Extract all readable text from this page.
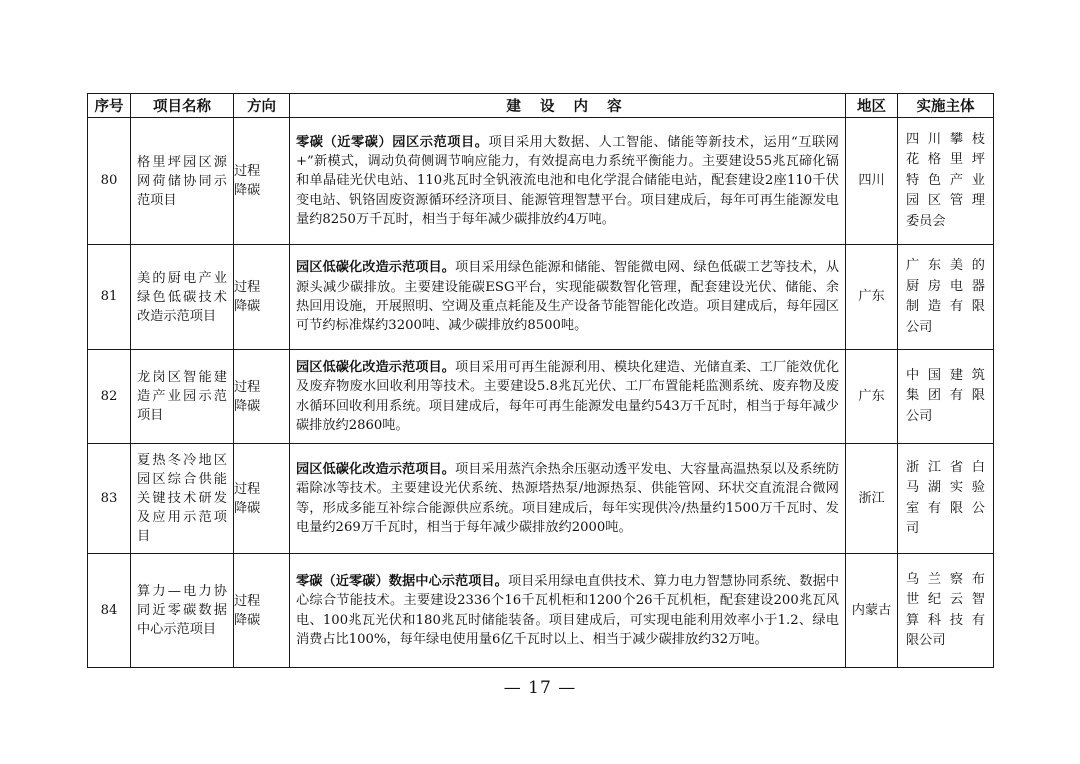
序号	项目名称	方向	建 设 内 容	地区	实施主体
80	格里坪园区源
网荷储协同示
范项目	过程
降碳	零碳（近零碳）园区示范项目。项目采用大数据、人工智能、储能等新技术，运用“互联网+”新模式，调动负荷侧调节响应能力，有效提高电力系统平衡能力。主要建设55兆瓦碲化镉和单晶硅光伏电站、110兆瓦时全钒液流电池和电化学混合储能电站，配套建设2座110千伏变电站、钒铬固废资源循环经济项目、能源管理智慧平台。项目建成后，每年可再生能源发电量约8250万千瓦时，相当于每年减少碳排放约4万吨。	四川	四川攀枝
花格里坪
特色产业
园区管理
委员会

81	美的厨电产业
绿色低碳技术
改造示范项目	过程
降碳	园区低碳化改造示范项目。项目采用绿色能源和储能、智能微电网、绿色低碳工艺等技术，从源头减少碳排放。主要建设能碳ESG平台，实现能碳数智化管理，配套建设光伏、储能、余热回用设施，开展照明、空调及重点耗能及生产设备节能智能化改造。项目建成后，每年园区可节约标准煤约3200吨、减少碳排放约8500吨。	广东	广东美的
厨房电器
制造有限
公司

82	龙岗区智能建
造产业园示范
项目	过程
降碳	园区低碳化改造示范项目。项目采用可再生能源利用、模块化建造、光储直柔、工厂能效优化及废弃物废水回收利用等技术。主要建设5.8兆瓦光伏、工厂布置能耗监测系统、废弃物及废水循环回收利用系统。项目建成后，每年可再生能源发电量约543万千瓦时，相当于每年减少碳排放约2860吨。	广东	中国建筑
集团有限
公司

83	夏热冬冷地区
园区综合供能
关键技术研发
及应用示范项
目	过程
降碳	园区低碳化改造示范项目。项目采用蒸汽余热余压驱动透平发电、大容量高温热泵以及系统防霜除冰等技术。主要建设光伏系统、热源塔热泵/地源热泵、供能管网、环状交直流混合微网等，形成多能互补综合能源供应系统。项目建成后，每年实现供冷/热量约1500万千瓦时、发电量约269万千瓦时，相当于每年减少碳排放约2000吨。	浙江	浙江省白
马湖实验
室有限公
司

84	算力—电力协
同近零碳数据
中心示范项目	过程
降碳	零碳（近零碳）数据中心示范项目。项目采用绿电直供技术、算力电力智慧协同系统、数据中心综合节能技术。主要建设2336个16千瓦机柜和1200个26千瓦机柜，配套建设200兆瓦风电、100兆瓦光伏和180兆瓦时储能装备。项目建成后，可实现电能利用效率小于1.2、绿电消费占比100%，每年绿电使用量6亿千瓦时以上、相当于减少碳排放约32万吨。	内蒙古	乌兰察布
世纪云智
算科技有
限公司
— 17 —
